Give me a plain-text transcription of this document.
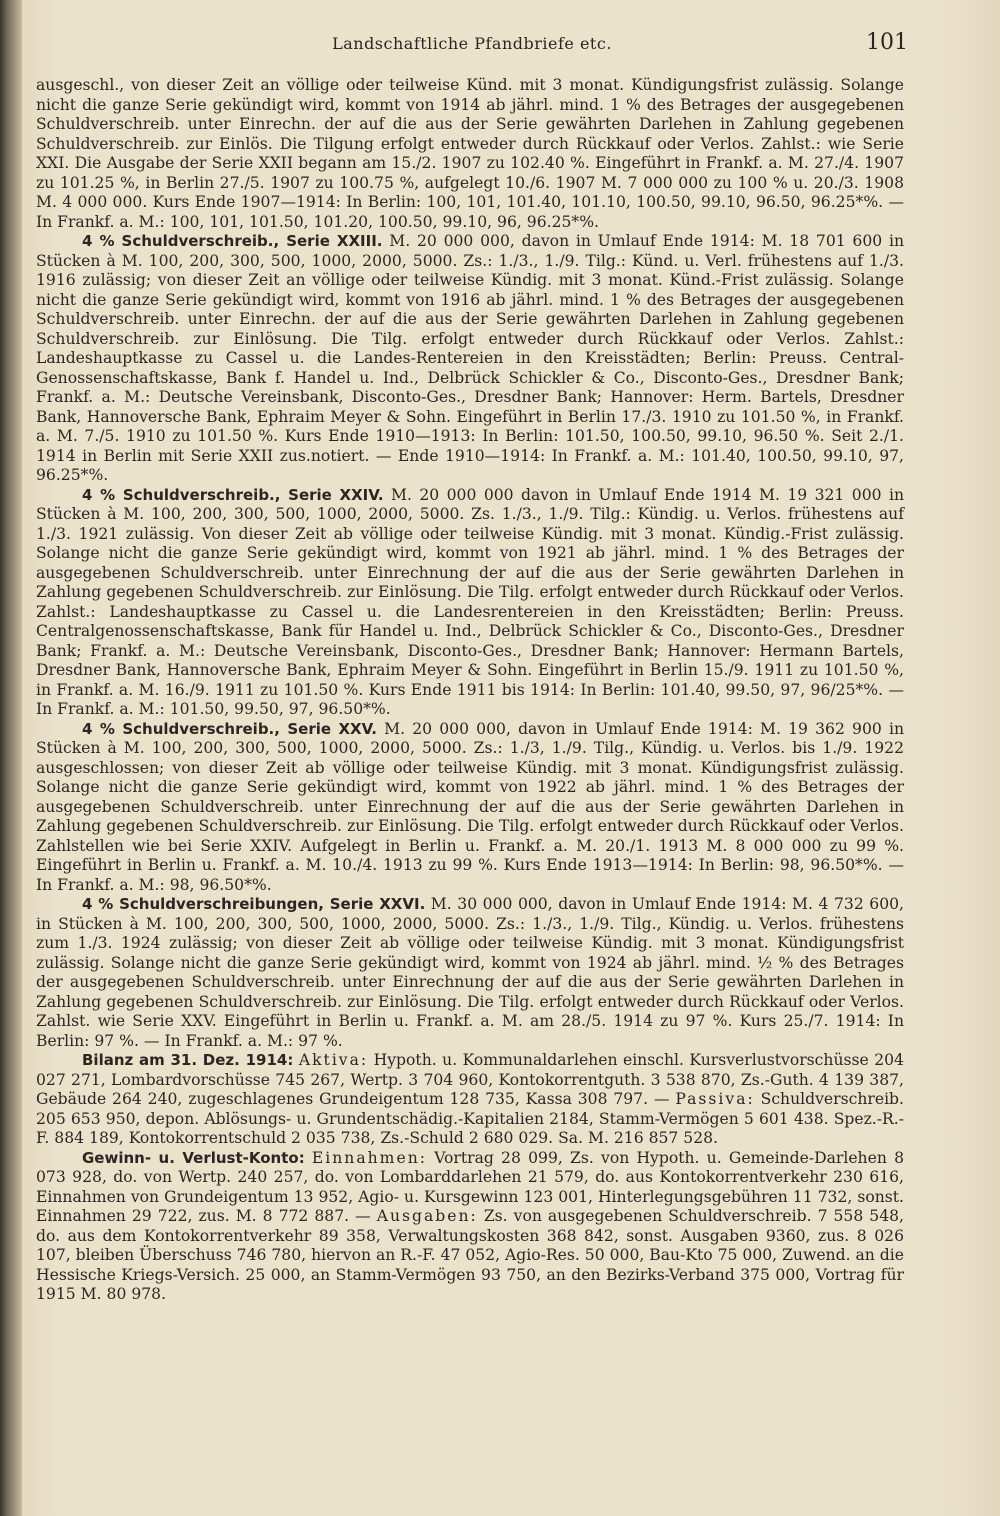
Landschaftliche Pfandbriefe etc.	101

ausgeschl., von dieser Zeit an völlige oder teilweise Künd. mit 3 monat. Kündigungsfrist zulässig. Solange nicht die ganze Serie gekündigt wird, kommt von 1914 ab jährl. mind. 1 % des Betrages der ausgegebenen Schuldverschreib. unter Einrechn. der auf die aus der Serie gewährten Darlehen in Zahlung gegebenen Schuldverschreib. zur Einlös. Die Tilgung erfolgt entweder durch Rückkauf oder Verlos. Zahlst.: wie Serie XXI. Die Ausgabe der Serie XXII begann am 15./2. 1907 zu 102.40 %. Eingeführt in Frankf. a. M. 27./4. 1907 zu 101.25 %, in Berlin 27./5. 1907 zu 100.75 %, aufgelegt 10./6. 1907 M. 7 000 000 zu 100 % u. 20./3. 1908 M. 4 000 000. Kurs Ende 1907—1914: In Berlin: 100, 101, 101.40, 101.10, 100.50, 99.10, 96.50, 96.25*%. — In Frankf. a. M.: 100, 101, 101.50, 101.20, 100.50, 99.10, 96, 96.25*%.

4 % Schuldverschreib., Serie XXIII. M. 20 000 000, davon in Umlauf Ende 1914: M. 18 701 600 in Stücken à M. 100, 200, 300, 500, 1000, 2000, 5000. Zs.: 1./3., 1./9. Tilg.: Künd. u. Verl. frühestens auf 1./3. 1916 zulässig; von dieser Zeit an völlige oder teilweise Kündig. mit 3 monat. Künd.-Frist zulässig. Solange nicht die ganze Serie gekündigt wird, kommt von 1916 ab jährl. mind. 1 % des Betrages der ausgegebenen Schuldverschreib. unter Einrechn. der auf die aus der Serie gewährten Darlehen in Zahlung gegebenen Schuldverschreib. zur Einlösung. Die Tilg. erfolgt entweder durch Rückkauf oder Verlos. Zahlst.: Landeshauptkasse zu Cassel u. die Landes-Rentereien in den Kreisstädten; Berlin: Preuss. Central-Genossenschaftskasse, Bank f. Handel u. Ind., Delbrück Schickler & Co., Disconto-Ges., Dresdner Bank; Frankf. a. M.: Deutsche Vereinsbank, Disconto-Ges., Dresdner Bank; Hannover: Herm. Bartels, Dresdner Bank, Hannoversche Bank, Ephraim Meyer & Sohn. Eingeführt in Berlin 17./3. 1910 zu 101.50 %, in Frankf. a. M. 7./5. 1910 zu 101.50 %. Kurs Ende 1910—1913: In Berlin: 101.50, 100.50, 99.10, 96.50 %. Seit 2./1. 1914 in Berlin mit Serie XXII zus.notiert. — Ende 1910—1914: In Frankf. a. M.: 101.40, 100.50, 99.10, 97, 96.25*%.

4 % Schuldverschreib., Serie XXIV. M. 20 000 000 davon in Umlauf Ende 1914 M. 19 321 000 in Stücken à M. 100, 200, 300, 500, 1000, 2000, 5000. Zs. 1./3., 1./9. Tilg.: Kündig. u. Verlos. frühestens auf 1./3. 1921 zulässig. Von dieser Zeit ab völlige oder teilweise Kündig. mit 3 monat. Kündig.-Frist zulässig. Solange nicht die ganze Serie gekündigt wird, kommt von 1921 ab jährl. mind. 1 % des Betrages der ausgegebenen Schuldverschreib. unter Einrechnung der auf die aus der Serie gewährten Darlehen in Zahlung gegebenen Schuldverschreib. zur Einlösung. Die Tilg. erfolgt entweder durch Rückkauf oder Verlos. Zahlst.: Landeshauptkasse zu Cassel u. die Landesrentereien in den Kreisstädten; Berlin: Preuss. Centralgenossenschaftskasse, Bank für Handel u. Ind., Delbrück Schickler & Co., Disconto-Ges., Dresdner Bank; Frankf. a. M.: Deutsche Vereinsbank, Disconto-Ges., Dresdner Bank; Hannover: Hermann Bartels, Dresdner Bank, Hannoversche Bank, Ephraim Meyer & Sohn. Eingeführt in Berlin 15./9. 1911 zu 101.50 %, in Frankf. a. M. 16./9. 1911 zu 101.50 %. Kurs Ende 1911 bis 1914: In Berlin: 101.40, 99.50, 97, 96/25*%. — In Frankf. a. M.: 101.50, 99.50, 97, 96.50*%.

4 % Schuldverschreib., Serie XXV. M. 20 000 000, davon in Umlauf Ende 1914: M. 19 362 900 in Stücken à M. 100, 200, 300, 500, 1000, 2000, 5000. Zs.: 1./3, 1./9. Tilg., Kündig. u. Verlos. bis 1./9. 1922 ausgeschlossen; von dieser Zeit ab völlige oder teilweise Kündig. mit 3 monat. Kündigungsfrist zulässig. Solange nicht die ganze Serie gekündigt wird, kommt von 1922 ab jährl. mind. 1 % des Betrages der ausgegebenen Schuldverschreib. unter Einrechnung der auf die aus der Serie gewährten Darlehen in Zahlung gegebenen Schuldverschreib. zur Einlösung. Die Tilg. erfolgt entweder durch Rückkauf oder Verlos. Zahlstellen wie bei Serie XXIV. Aufgelegt in Berlin u. Frankf. a. M. 20./1. 1913 M. 8 000 000 zu 99 %. Eingeführt in Berlin u. Frankf. a. M. 10./4. 1913 zu 99 %. Kurs Ende 1913—1914: In Berlin: 98, 96.50*%. — In Frankf. a. M.: 98, 96.50*%.

4 % Schuldverschreibungen, Serie XXVI. M. 30 000 000, davon in Umlauf Ende 1914: M. 4 732 600, in Stücken à M. 100, 200, 300, 500, 1000, 2000, 5000. Zs.: 1./3., 1./9. Tilg., Kündig. u. Verlos. frühestens zum 1./3. 1924 zulässig; von dieser Zeit ab völlige oder teilweise Kündig. mit 3 monat. Kündigungsfrist zulässig. Solange nicht die ganze Serie gekündigt wird, kommt von 1924 ab jährl. mind. ½ % des Betrages der ausgegebenen Schuldverschreib. unter Einrechnung der auf die aus der Serie gewährten Darlehen in Zahlung gegebenen Schuldverschreib. zur Einlösung. Die Tilg. erfolgt entweder durch Rückkauf oder Verlos. Zahlst. wie Serie XXV. Eingeführt in Berlin u. Frankf. a. M. am 28./5. 1914 zu 97 %. Kurs 25./7. 1914: In Berlin: 97 %. — In Frankf. a. M.: 97 %.

Bilanz am 31. Dez. 1914: Aktiva: Hypoth. u. Kommunaldarlehen einschl. Kursverlustvorschüsse 204 027 271, Lombardvorschüsse 745 267, Wertp. 3 704 960, Kontokorrentguth. 3 538 870, Zs.-Guth. 4 139 387, Gebäude 264 240, zugeschlagenes Grundeigentum 128 735, Kassa 308 797. — Passiva: Schuldverschreib. 205 653 950, depon. Ablösungs- u. Grundentschädig.-Kapitalien 2184, Stamm-Vermögen 5 601 438. Spez.-R.-F. 884 189, Kontokorrentschuld 2 035 738, Zs.-Schuld 2 680 029. Sa. M. 216 857 528.

Gewinn- u. Verlust-Konto: Einnahmen: Vortrag 28 099, Zs. von Hypoth. u. Gemeinde-Darlehen 8 073 928, do. von Wertp. 240 257, do. von Lombarddarlehen 21 579, do. aus Kontokorrentverkehr 230 616, Einnahmen von Grundeigentum 13 952, Agio- u. Kursgewinn 123 001, Hinterlegungsgebühren 11 732, sonst. Einnahmen 29 722, zus. M. 8 772 887. — Ausgaben: Zs. von ausgegebenen Schuldverschreib. 7 558 548, do. aus dem Kontokorrentverkehr 89 358, Verwaltungskosten 368 842, sonst. Ausgaben 9360, zus. 8 026 107, bleiben Überschuss 746 780, hiervon an R.-F. 47 052, Agio-Res. 50 000, Bau-Kto 75 000, Zuwend. an die Hessische Kriegs-Versich. 25 000, an Stamm-Vermögen 93 750, an den Bezirks-Verband 375 000, Vortrag für 1915 M. 80 978.
